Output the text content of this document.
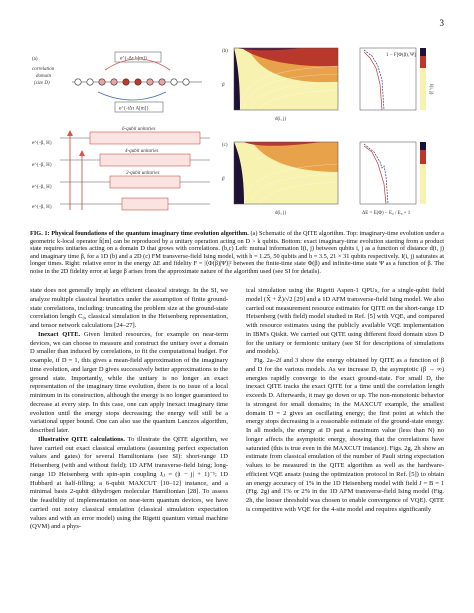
3
(a)
correlation
domain
(size D)
e^{-Δτ h[m]}
e^{-iΔτ A[m]}
e^{-β₁ H}
e^{-β₁ H}
e^{-β₁ H}
e^{-β₁ H}
6-qubit unitaries
4-qubit unitaries
2-qubit unitaries
(b)
β
d(i, j)
(c)
β
d(i, j)
1 − F[Φ(β), Ψ]
I(i, j)
ΔE = E(Φ) − E₀ / E₀ + 1
FIG. 1: Physical foundations of the quantum imaginary time evolution algorithm. (a) Schematic of the QITE algorithm. Top: imaginary-time evolution under a geometric k-local operator ĥ[m] can be reproduced by a unitary operation acting on D > k qubits. Bottom: exact imaginary-time evolution starting from a product state requires unitaries acting on a domain D that grows with correlations. (b,c) Left: mutual information I(i, j) between qubits i, j as a function of distance d(i, j) and imaginary time β, for a 1D (b) and a 2D (c) FM transverse-field Ising model, with h = 1.25, 50 qubits and h = 3.5, 21 × 31 qubits respectively. I(i, j) saturates at longer times. Right: relative error in the energy ΔE and fidelity F = |⟨Φ(β)|Ψ⟩|² between the finite-time state Φ(β) and infinite-time state Ψ as a function of β. The noise in the 2D fidelity error at large β arises from the approximate nature of the algorithm used (see SI for details).

state does not generally imply an efficient classical strategy. In the SI, we analyze multiple classical heuristics under the assumption of finite ground-state correlations, including: truncating the problem size at the ground-state correlation length C₀, classical simulation in the Heisenberg representation, and tensor network calculations [24–27].

Inexact QITE. Given limited resources, for example on near-term devices, we can choose to measure and construct the unitary over a domain D smaller than induced by correlations, to fit the computational budget. For example, if D = 1, this gives a mean-field approximation of the imaginary time evolution, and larger D gives successively better approximations to the ground state. Importantly, while the unitary is no longer an exact representation of the imaginary time evolution, there is no issue of a local minimum in its construction, although the energy is no longer guaranteed to decrease at every step. In this case, one can apply inexact imaginary time evolution until the energy stops decreasing; the energy will still be a variational upper bound. One can also use the quantum Lanczos algorithm, described later.

Illustrative QITE calculations. To illustrate the QITE algorithm, we have carried out exact classical emulations (assuming perfect expectation values and gates) for several Hamiltonians (see SI): short-range 1D Heisenberg (with and without field); 1D AFM transverse-field Ising; long-range 1D Heisenberg with spin-spin coupling Jᵢⱼ = (|i − j| + 1)⁻¹; 1D Hubbard at half-filling; a 6-qubit MAXCUT [10–12] instance, and a minimal basis 2-qubit dihydrogen molecular Hamiltonian [28]. To assess the feasibility of implementation on near-term quantum devices, we have carried out noisy classical emulation (classical simulation expectation values and with an error model) using the Rigetti quantum virtual machine (QVM) and a phys-

ical simulation using the Rigetti Aspen-1 QPUs, for a single-qubit field model (X̂ + Ẑ)/√2 [29] and a 1D AFM transverse-field Ising model. We also carried out measurement resource estimates for QITE on the short-range 1D Heisenberg (with field) model studied in Ref. [5] with VQE, and compared with resource estimates using the publicly available VQE implementation in IBM's Qiskit. We carried out QITE using different fixed domain sizes D for the unitary or fermionic unitary (see SI for descriptions of simulations and models).

Fig. 2a–2f and 3 show the energy obtained by QITE as a function of β and D for the various models. As we increase D, the asymptotic (β → ∞) energies rapidly converge to the exact ground-state. For small D, the inexact QITE tracks the exact QITE for a time until the correlation length exceeds D. Afterwards, it may go down or up. The non-monotonic behavior is strongest for small domains; in the MAXCUT example, the smallest domain D = 2 gives an oscillating energy; the first point at which the energy stops decreasing is a reasonable estimate of the ground-state energy. In all models, the energy at D past a maximum value (less than N) no longer affects the asymptotic energy, showing that the correlations have saturated (this is true even in the MAXCUT instance). Figs. 2g, 2h show an estimate from classical emulation of the number of Pauli string expectation values to be measured in the QITE algorithm as well as the hardware-efficient VQE ansatz (using the optimization protocol in Ref. [5]) to obtain an energy accuracy of 1% in the 1D Heisenberg model with field J = B = 1 (Fig. 2g) and 1% or 2% in the 1D AFM transverse-field Ising model (Fig. 2h, the looser threshold was chosen to enable convergence of VQE). QITE is competitive with VQE for the 4-site model and requires significantly
